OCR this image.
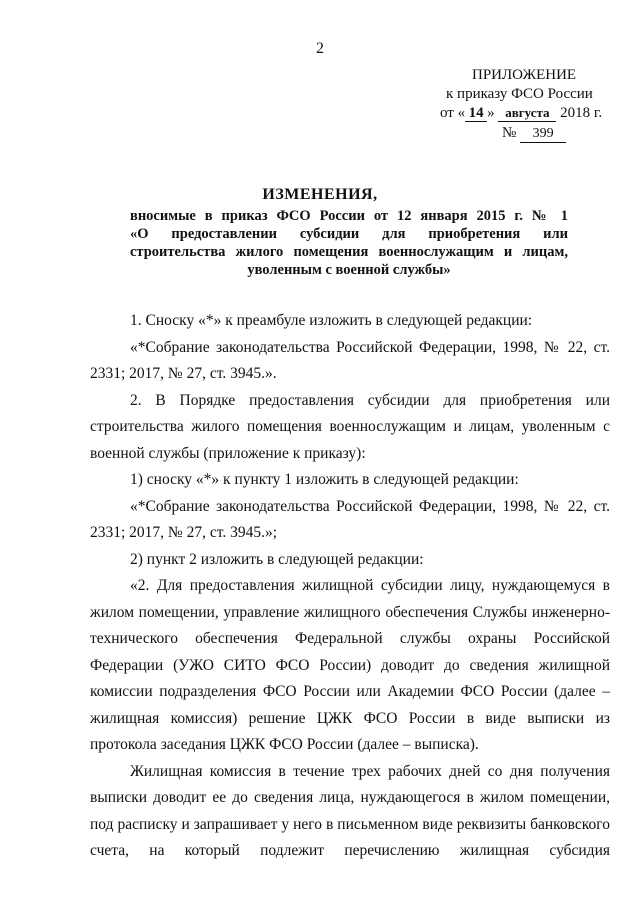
2
ПРИЛОЖЕНИЕ
к приказу ФСО России
от « 14 » августа 2018 г.
№ 399
ИЗМЕНЕНИЯ,
вносимые в приказ ФСО России от 12 января 2015 г. № 1
«О предоставлении субсидии для приобретения или
строительства жилого помещения военнослужащим и лицам,
уволенным с военной службы»

1. Сноску «*» к преамбуле изложить в следующей редакции:

«*Собрание законодательства Российской Федерации, 1998, № 22, ст. 2331; 2017, № 27, ст. 3945.».

2. В Порядке предоставления субсидии для приобретения или строительства жилого помещения военнослужащим и лицам, уволенным с военной службы (приложение к приказу):

1) сноску «*» к пункту 1 изложить в следующей редакции:

«*Собрание законодательства Российской Федерации, 1998, № 22, ст. 2331; 2017, № 27, ст. 3945.»;

2) пункт 2 изложить в следующей редакции:

«2. Для предоставления жилищной субсидии лицу, нуждающемуся в жилом помещении, управление жилищного обеспечения Службы инженерно-технического обеспечения Федеральной службы охраны Российской Федерации (УЖО СИТО ФСО России) доводит до сведения жилищной комиссии подразделения ФСО России или Академии ФСО России (далее – жилищная комиссия) решение ЦЖК ФСО России в виде выписки из протокола заседания ЦЖК ФСО России (далее – выписка).

Жилищная комиссия в течение трех рабочих дней со дня получения выписки доводит ее до сведения лица, нуждающегося в жилом помещении, под расписку и запрашивает у него в письменном виде реквизиты банковского счета, на который подлежит перечислению жилищная субсидия
